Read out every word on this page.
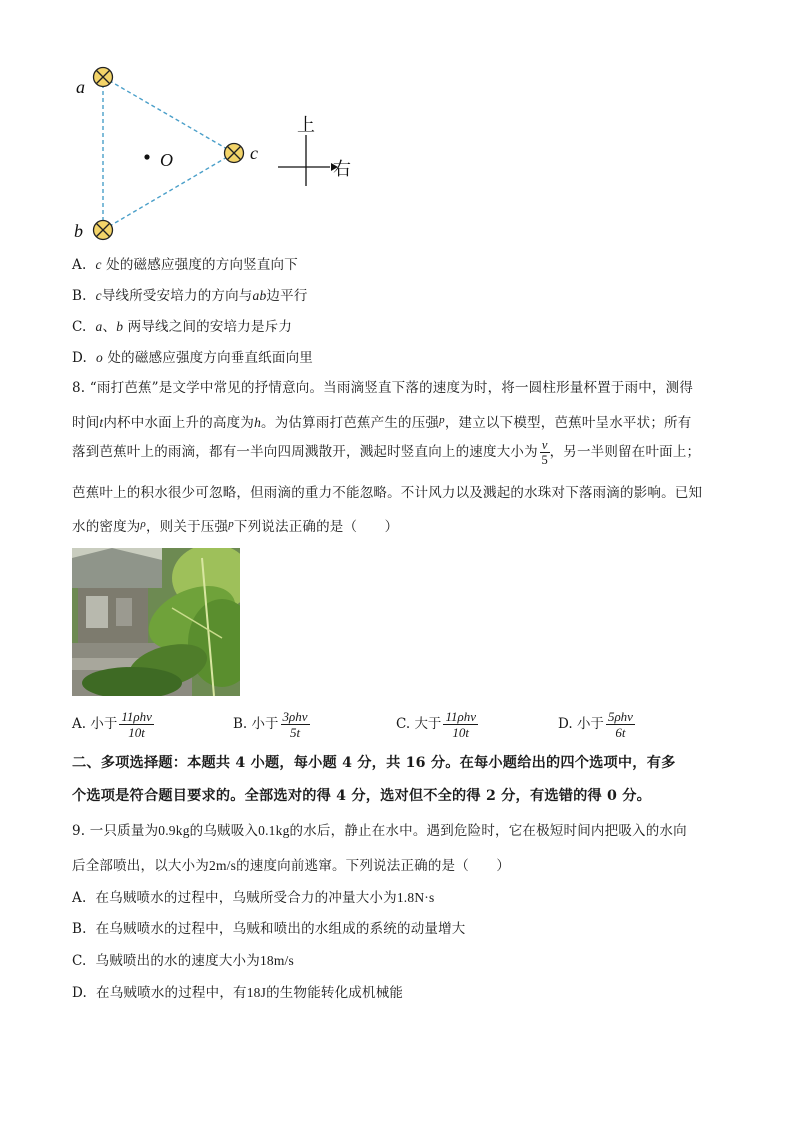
a
b
c
O
上
右
A. c 处的磁感应强度的方向竖直向下
B. c导线所受安培力的方向与ab边平行
C. a、b 两导线之间的安培力是斥力
D. o 处的磁感应强度方向垂直纸面向里
8. “雨打芭蕉”是文学中常见的抒情意向。当雨滴竖直下落的速度为时，将一圆柱形量杯置于雨中，测得
时间t内杯中水面上升的高度为h。为估算雨打芭蕉产生的压强$^p$，建立以下模型，芭蕉叶呈水平状；所有
落到芭蕉叶上的雨滴，都有一半向四周溅散开，溅起时竖直向上的速度大小为 $\frac{v}{5}$ ，另一半则留在叶面上；
芭蕉叶上的积水很少可忽略，但雨滴的重力不能忽略。不计风力以及溅起的水珠对下落雨滴的影响。已知
水的密度为$^\rho$，则关于压强$^p$下列说法正确的是（　　）
A. 小于 $\frac{\text{11ρhv}}{10t}$	B. 小于 $\frac{\text{3ρhv}}{5t}$	C. 大于 $\frac{\text{11ρhv}}{10t}$	D. 小于 $\frac{\text{5ρhv}}{6t}$
二、多项选择题：本题共 4 小题，每小题 4 分，共 16 分。在每小题给出的四个选项中，有多
个选项是符合题目要求的。全部选对的得 4 分，选对但不全的得 2 分，有选错的得 0 分。
9. 一只质量为0.9kg的乌贼吸入0.1kg的水后，静止在水中。遇到危险时，它在极短时间内把吸入的水向
后全部喷出，以大小为2m/s的速度向前逃窜。下列说法正确的是（　　）
A. 在乌贼喷水的过程中，乌贼所受合力的冲量大小为1.8N·s
B. 在乌贼喷水的过程中，乌贼和喷出的水组成的系统的动量增大
C. 乌贼喷出的水的速度大小为18m/s
D. 在乌贼喷水的过程中，有18J的生物能转化成机械能
